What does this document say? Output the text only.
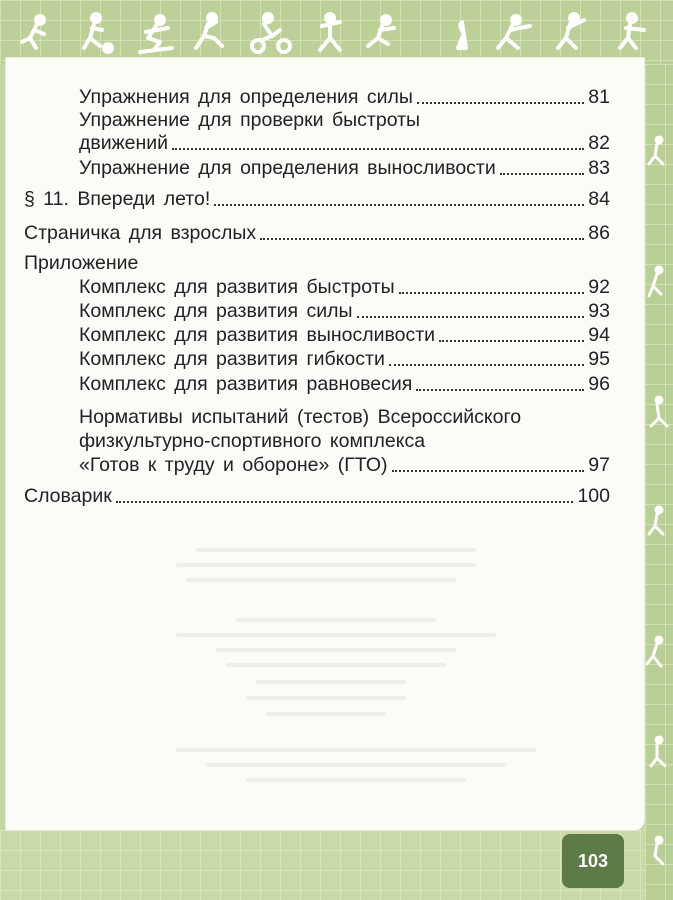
Упражнения для определения силы	81
Упражнение для проверки быстроты
движений	82
Упражнение для определения выносливости	83
§ 11. Впереди лето!	84
Страничка для взрослых	86
Приложение
Комплекс для развития быстроты	92
Комплекс для развития силы	93
Комплекс для развития выносливости	94
Комплекс для развития гибкости	95
Комплекс для развития равновесия	96
Нормативы испытаний (тестов) Всероссийского
физкультурно-спортивного комплекса
«Готов к труду и обороне» (ГТО)	97
Словарик	100
103
